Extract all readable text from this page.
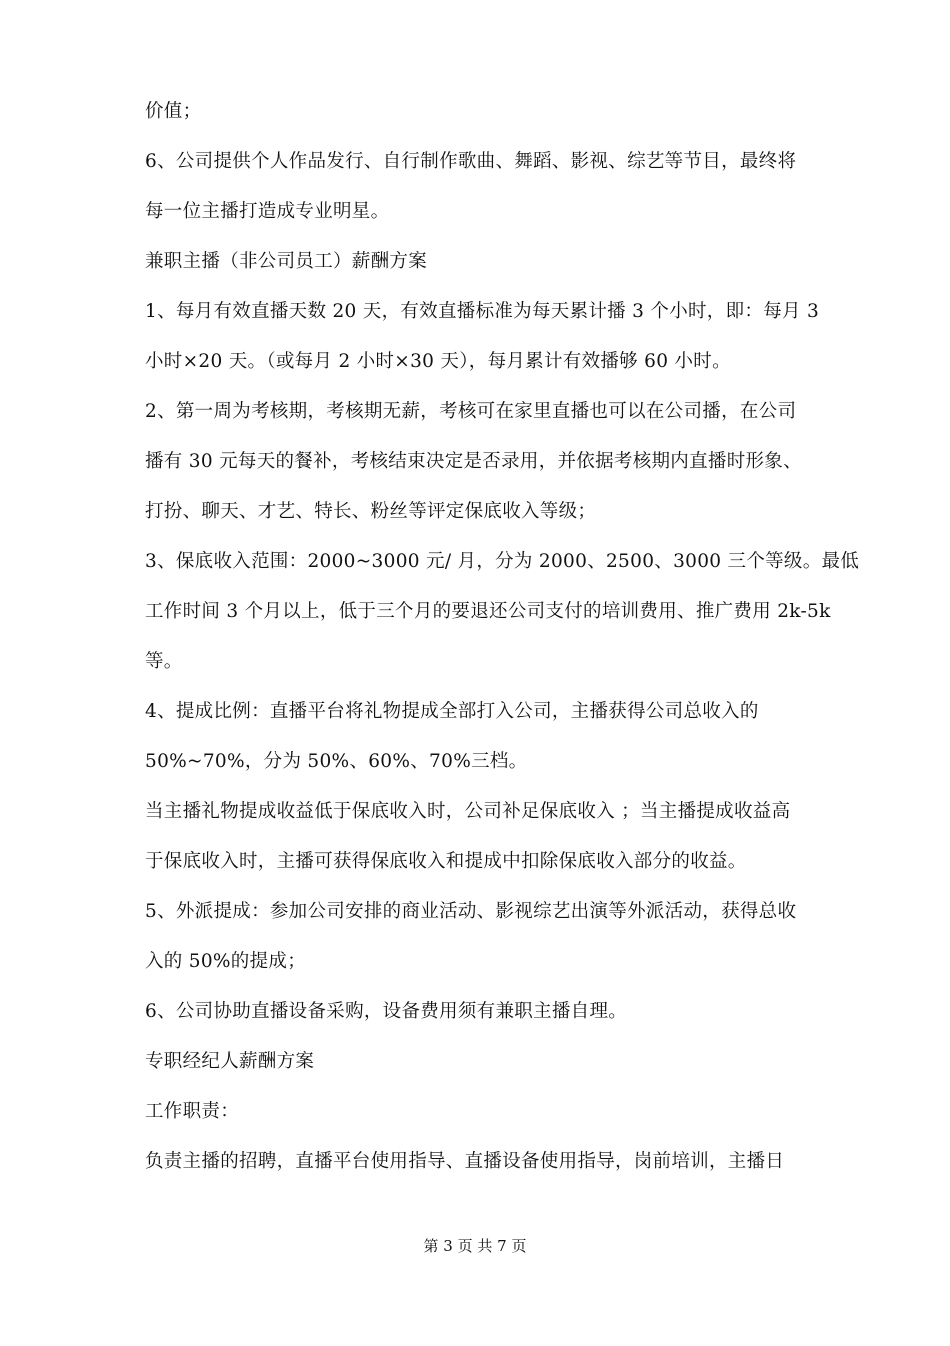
价值；
6、公司提供个人作品发行、自行制作歌曲、舞蹈、影视、综艺等节目，最终将
每一位主播打造成专业明星。
兼职主播（非公司员工）薪酬方案
1、每月有效直播天数 20 天，有效直播标准为每天累计播 3 个小时，即：每月 3
小时×20 天。（或每月 2 小时×30 天），每月累计有效播够 60 小时。
2、第一周为考核期，考核期无薪，考核可在家里直播也可以在公司播，在公司
播有 30 元每天的餐补，考核结束决定是否录用，并依据考核期内直播时形象、
打扮、聊天、才艺、特长、粉丝等评定保底收入等级；
3、保底收入范围：2000~3000 元/ 月，分为 2000、2500、3000 三个等级。最低
工作时间 3 个月以上，低于三个月的要退还公司支付的培训费用、推广费用 2k-5k
等。
4、提成比例：直播平台将礼物提成全部打入公司，主播获得公司总收入的
50%~70%，分为 50%、60%、70%三档。
当主播礼物提成收益低于保底收入时，公司补足保底收入 ；当主播提成收益高
于保底收入时，主播可获得保底收入和提成中扣除保底收入部分的收益。
5、外派提成：参加公司安排的商业活动、影视综艺出演等外派活动，获得总收
入的 50%的提成；
6、公司协助直播设备采购，设备费用须有兼职主播自理。
专职经纪人薪酬方案
工作职责：
负责主播的招聘，直播平台使用指导、直播设备使用指导，岗前培训，主播日
第 3 页 共 7 页
